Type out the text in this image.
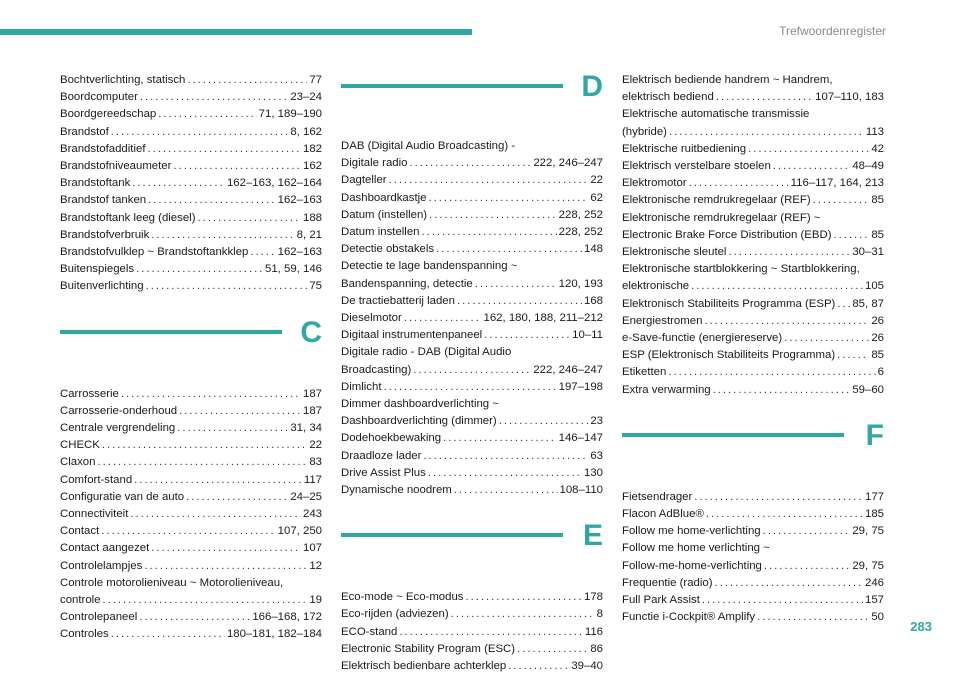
Trefwoordenregister
Bochtverlichting, statisch . . .	77
Boordcomputer . . .	23–24
Boordgereedschap . . .	71, 189–190
Brandstof . . .	8, 162
Brandstofadditief . . .	182
Brandstofniveaumeter . . .	162
Brandstoftank . . .	162–163, 162–164
Brandstof tanken . . .	162–163
Brandstoftank leeg (diesel) . . .	188
Brandstofverbruik . . .	8, 21
Brandstofvulklep ~ Brandstoftankklep . . .	162–163
Buitenspiegels . . .	51, 59, 146
Buitenverlichting . . .	75
C
Carrosserie . . .	187
Carrosserie-onderhoud . . .	187
Centrale vergrendeling . . .	31, 34
CHECK . . .	22
Claxon . . .	83
Comfort-stand . . .	117
Configuratie van de auto . . .	24–25
Connectiviteit . . .	243
Contact . . .	107, 250
Contact aangezet . . .	107
Controlelampjes . . .	12
Controle motorolieniveau ~ Motorolieniveau,
controle . . .	19
Controlepaneel . . .	166–168, 172
Controles . . .	180–181, 182–184
D
DAB (Digital Audio Broadcasting) -
Digitale radio . . .	222, 246–247
Dagteller . . .	22
Dashboardkastje . . .	62
Datum (instellen) . . .	228, 252
Datum instellen . . .	228, 252
Detectie obstakels . . .	148
Detectie te lage bandenspanning ~
Bandenspanning, detectie . . .	120, 193
De tractiebatterij laden . . .	168
Dieselmotor . . .	162, 180, 188, 211–212
Digitaal instrumentenpaneel . . .	10–11
Digitale radio - DAB (Digital Audio
Broadcasting) . . .	222, 246–247
Dimlicht . . .	197–198
Dimmer dashboardverlichting ~
Dashboardverlichting (dimmer) . . .	23
Dodehoekbewaking . . .	146–147
Draadloze lader . . .	63
Drive Assist Plus . . .	130
Dynamische noodrem . . .	108–110
E
Eco-mode ~ Eco-modus . . .	178
Eco-rijden (adviezen) . . .	8
ECO-stand . . .	116
Electronic Stability Program (ESC) . . .	86
Elektrisch bedienbare achterklep . . .	39–40
Elektrisch bediende handrem ~ Handrem,
elektrisch bediend . . .	107–110, 183
Elektrische automatische transmissie
(hybride) . . .	113
Elektrische ruitbediening . . .	42
Elektrisch verstelbare stoelen . . .	48–49
Elektromotor . . .	116–117, 164, 213
Elektronische remdrukregelaar (REF) . . .	85
Elektronische remdrukregelaar (REF) ~
Electronic Brake Force Distribution (EBD) . . .	85
Elektronische sleutel . . .	30–31
Elektronische startblokkering ~ Startblokkering,
elektronische . . .	105
Elektronisch Stabiliteits Programma (ESP) . . . 85, 87
Energiestromen . . .	26
e-Save-functie (energiereserve) . . .	26
ESP (Elektronisch Stabiliteits Programma) . . .	85
Etiketten . . .	6
Extra verwarming . . .	59–60
F
Fietsendrager . . .	177
Flacon AdBlue® . . .	185
Follow me home-verlichting . . .	29, 75
Follow me home verlichting ~
Follow-me-home-verlichting . . .	29, 75
Frequentie (radio) . . .	246
Full Park Assist . . .	157
Functie i-Cockpit® Amplify . . .	50
283
